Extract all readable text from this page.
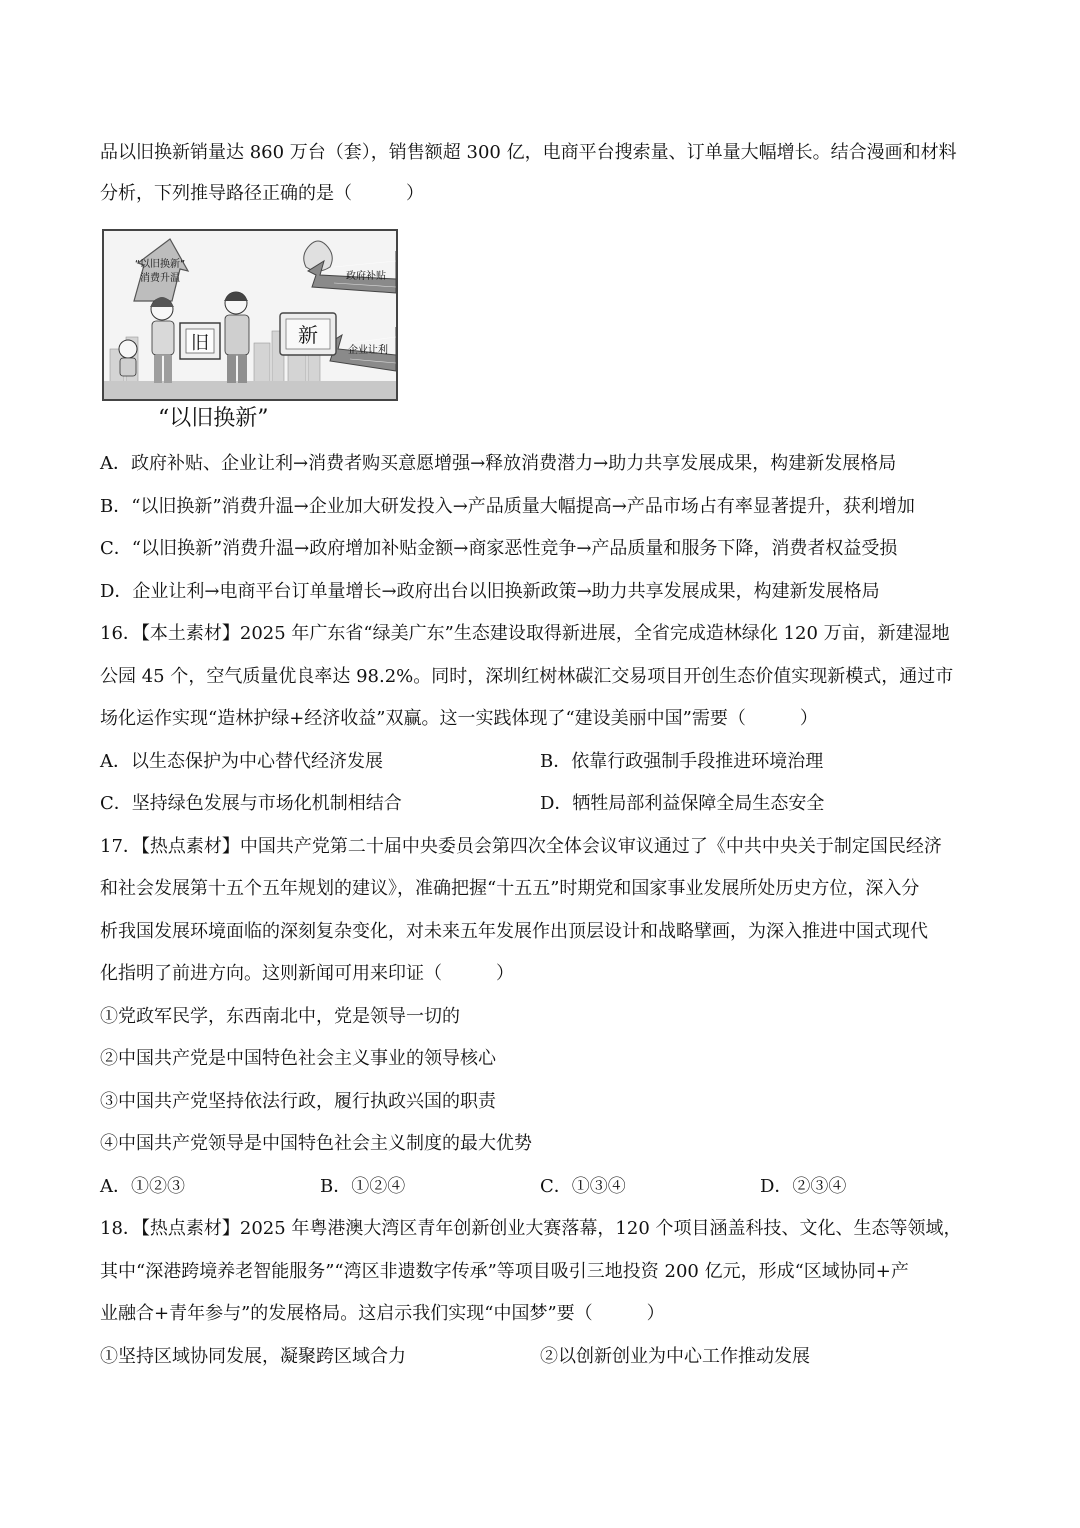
品以旧换新销量达 860 万台（套），销售额超 300 亿，电商平台搜索量、订单量大幅增长。结合漫画和材料
分析，下列推导路径正确的是（　　　）
“以旧换新”
消费升温	政府补贴
企业让利
新
旧
“以旧换新”
A．政府补贴、企业让利→消费者购买意愿增强→释放消费潜力→助力共享发展成果，构建新发展格局
B．“以旧换新”消费升温→企业加大研发投入→产品质量大幅提高→产品市场占有率显著提升，获利增加
C．“以旧换新”消费升温→政府增加补贴金额→商家恶性竞争→产品质量和服务下降，消费者权益受损
D．企业让利→电商平台订单量增长→政府出台以旧换新政策→助力共享发展成果，构建新发展格局
16．【本土素材】2025 年广东省“绿美广东”生态建设取得新进展，全省完成造林绿化 120 万亩，新建湿地
公园 45 个，空气质量优良率达 98.2%。同时，深圳红树林碳汇交易项目开创生态价值实现新模式，通过市
场化运作实现“造林护绿+经济收益”双赢。这一实践体现了“建设美丽中国”需要（　　　）
A．以生态保护为中心替代经济发展	B．依靠行政强制手段推进环境治理
C．坚持绿色发展与市场化机制相结合	D．牺牲局部利益保障全局生态安全
17．【热点素材】中国共产党第二十届中央委员会第四次全体会议审议通过了《中共中央关于制定国民经济
和社会发展第十五个五年规划的建议》，准确把握“十五五”时期党和国家事业发展所处历史方位，深入分
析我国发展环境面临的深刻复杂变化，对未来五年发展作出顶层设计和战略擘画，为深入推进中国式现代
化指明了前进方向。这则新闻可用来印证（　　　）
①党政军民学，东西南北中，党是领导一切的
②中国共产党是中国特色社会主义事业的领导核心
③中国共产党坚持依法行政，履行执政兴国的职责
④中国共产党领导是中国特色社会主义制度的最大优势
A．①②③	B．①②④	C．①③④	D．②③④
18．【热点素材】2025 年粤港澳大湾区青年创新创业大赛落幕，120 个项目涵盖科技、文化、生态等领域，
其中“深港跨境养老智能服务”“湾区非遗数字传承”等项目吸引三地投资 200 亿元，形成“区域协同+产
业融合+青年参与”的发展格局。这启示我们实现“中国梦”要（　　　）
①坚持区域协同发展，凝聚跨区域合力	②以创新创业为中心工作推动发展
